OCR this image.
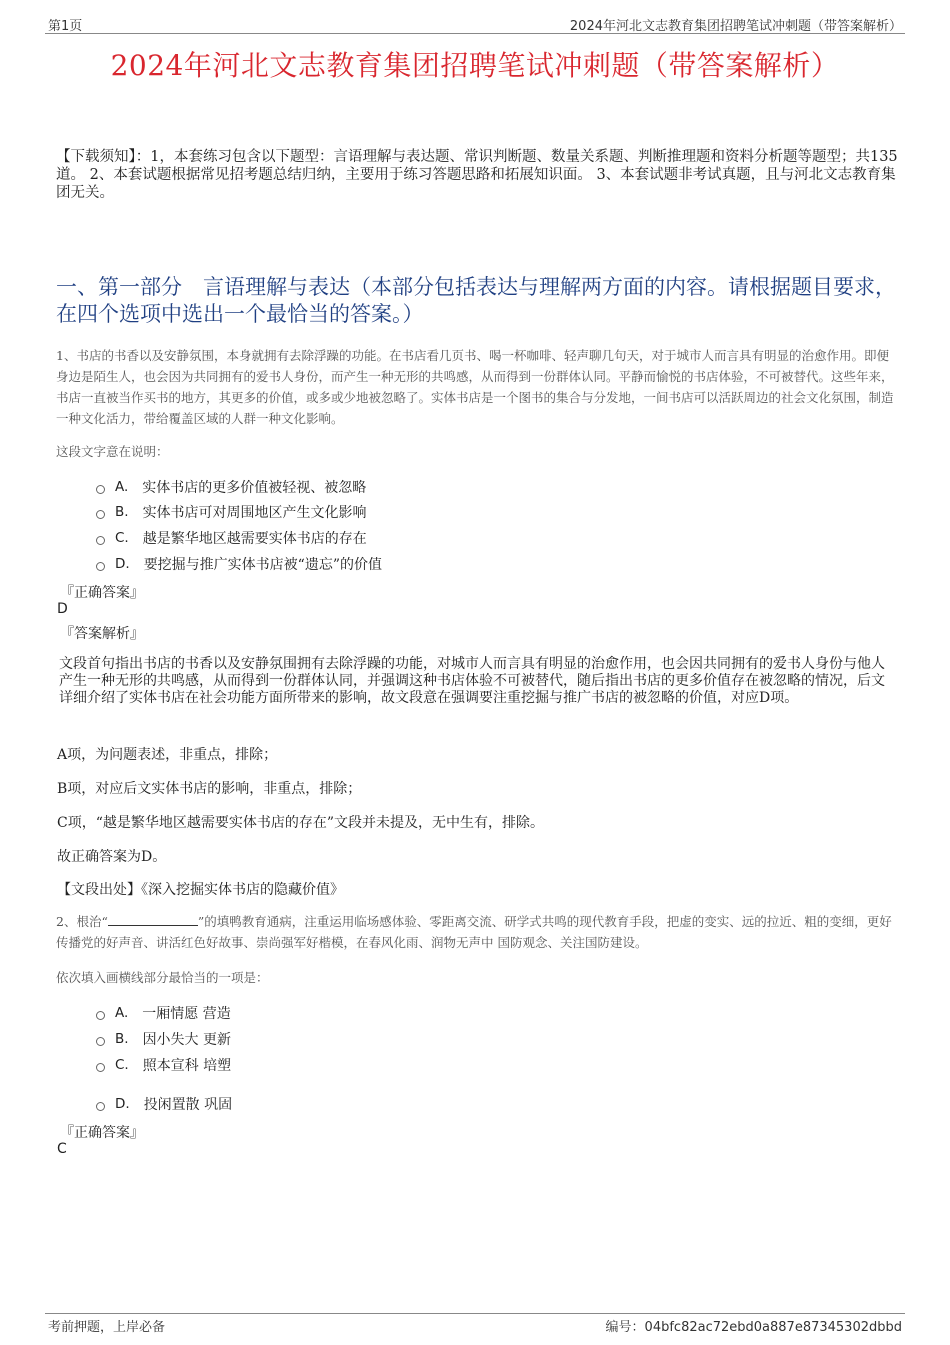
第1页	2024年河北文志教育集团招聘笔试冲刺题（带答案解析）
2024年河北文志教育集团招聘笔试冲刺题（带答案解析）
【下载须知】：1，本套练习包含以下题型：言语理解与表达题、常识判断题、数量关系题、判断推理题和资料分析题等题型；共135道。 2、本套试题根据常见招考题总结归纳，主要用于练习答题思路和拓展知识面。 3、本套试题非考试真题，且与河北文志教育集团无关。
一、第一部分　言语理解与表达（本部分包括表达与理解两方面的内容。请根据题目要求，在四个选项中选出一个最恰当的答案。）
1、书店的书香以及安静氛围，本身就拥有去除浮躁的功能。在书店看几页书、喝一杯咖啡、轻声聊几句天，对于城市人而言具有明显的治愈作用。即便身边是陌生人，也会因为共同拥有的爱书人身份，而产生一种无形的共鸣感，从而得到一份群体认同。平静而愉悦的书店体验，不可被替代。这些年来，书店一直被当作买书的地方，其更多的价值，或多或少地被忽略了。实体书店是一个图书的集合与分发地，一间书店可以活跃周边的社会文化氛围，制造一种文化活力，带给覆盖区域的人群一种文化影响。
这段文字意在说明：
A. 实体书店的更多价值被轻视、被忽略
B. 实体书店可对周围地区产生文化影响
C. 越是繁华地区越需要实体书店的存在
D. 要挖掘与推广实体书店被“遗忘”的价值
『正确答案』
D
『答案解析』
文段首句指出书店的书香以及安静氛围拥有去除浮躁的功能，对城市人而言具有明显的治愈作用，也会因共同拥有的爱书人身份与他人产生一种无形的共鸣感，从而得到一份群体认同，并强调这种书店体验不可被替代，随后指出书店的更多价值存在被忽略的情况，后文详细介绍了实体书店在社会功能方面所带来的影响，故文段意在强调要注重挖掘与推广书店的被忽略的价值，对应D项。
A项，为问题表述，非重点，排除；
B项，对应后文实体书店的影响，非重点，排除；
C项，“越是繁华地区越需要实体书店的存在”文段并未提及，无中生有，排除。
故正确答案为D。
【文段出处】《深入挖掘实体书店的隐藏价值》
2、根治“	”的填鸭教育通病，注重运用临场感体验、零距离交流、研学式共鸣的现代教育手段，把虚的变实、远的拉近、粗的变细，更好传播党的好声音、讲活红色好故事、崇尚强军好楷模，在春风化雨、润物无声中 国防观念、关注国防建设。
依次填入画横线部分最恰当的一项是：
A. 一厢情愿 营造
B. 因小失大 更新
C. 照本宣科 培塑
D. 投闲置散 巩固
『正确答案』
C
考前押题，上岸必备	编号：04bfc82ac72ebd0a887e87345302dbbd
